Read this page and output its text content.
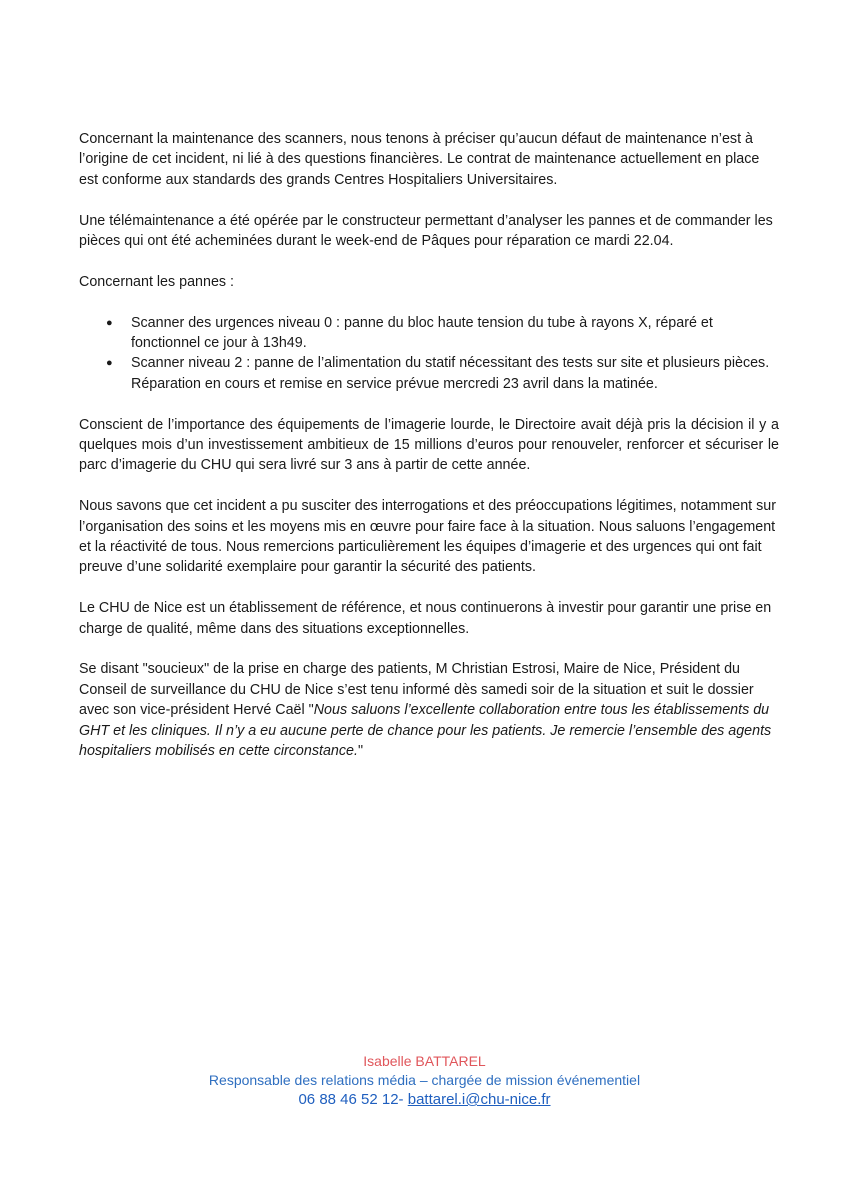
Concernant la maintenance des scanners, nous tenons à préciser qu’aucun défaut de maintenance n’est à l’origine de cet incident, ni lié à des questions financières. Le contrat de maintenance actuellement en place est conforme aux standards des grands Centres Hospitaliers Universitaires.

Une télémaintenance a été opérée par le constructeur permettant d’analyser les pannes et de commander les pièces qui ont été acheminées durant le week-end de Pâques pour réparation ce mardi 22.04.

Concernant les pannes :

● Scanner des urgences niveau 0 : panne du bloc haute tension du tube à rayons X, réparé et fonctionnel ce jour à 13h49.
● Scanner niveau 2 : panne de l’alimentation du statif nécessitant des tests sur site et plusieurs pièces. Réparation en cours et remise en service prévue mercredi 23 avril dans la matinée.

Conscient de l’importance des équipements de l’imagerie lourde, le Directoire avait déjà pris la décision il y a quelques mois d’un investissement ambitieux de 15 millions d’euros pour renouveler, renforcer et sécuriser le parc d’imagerie du CHU qui sera livré sur 3 ans à partir de cette année.

Nous savons que cet incident a pu susciter des interrogations et des préoccupations légitimes, notamment sur l’organisation des soins et les moyens mis en œuvre pour faire face à la situation. Nous saluons l’engagement et la réactivité de tous. Nous remercions particulièrement les équipes d’imagerie et des urgences qui ont fait preuve d’une solidarité exemplaire pour garantir la sécurité des patients.

Le CHU de Nice est un établissement de référence, et nous continuerons à investir pour garantir une prise en charge de qualité, même dans des situations exceptionnelles.

Se disant "soucieux" de la prise en charge des patients, M Christian Estrosi, Maire de Nice, Président du Conseil de surveillance du CHU de Nice s’est tenu informé dès samedi soir de la situation et suit le dossier avec son vice-président Hervé Caël "Nous saluons l’excellente collaboration entre tous les établissements du GHT et les cliniques. Il n’y a eu aucune perte de chance pour les patients. Je remercie l’ensemble des agents hospitaliers mobilisés en cette circonstance."

Isabelle BATTAREL
Responsable des relations média – chargée de mission événementiel
06 88 46 52 12- battarel.i@chu-nice.fr
